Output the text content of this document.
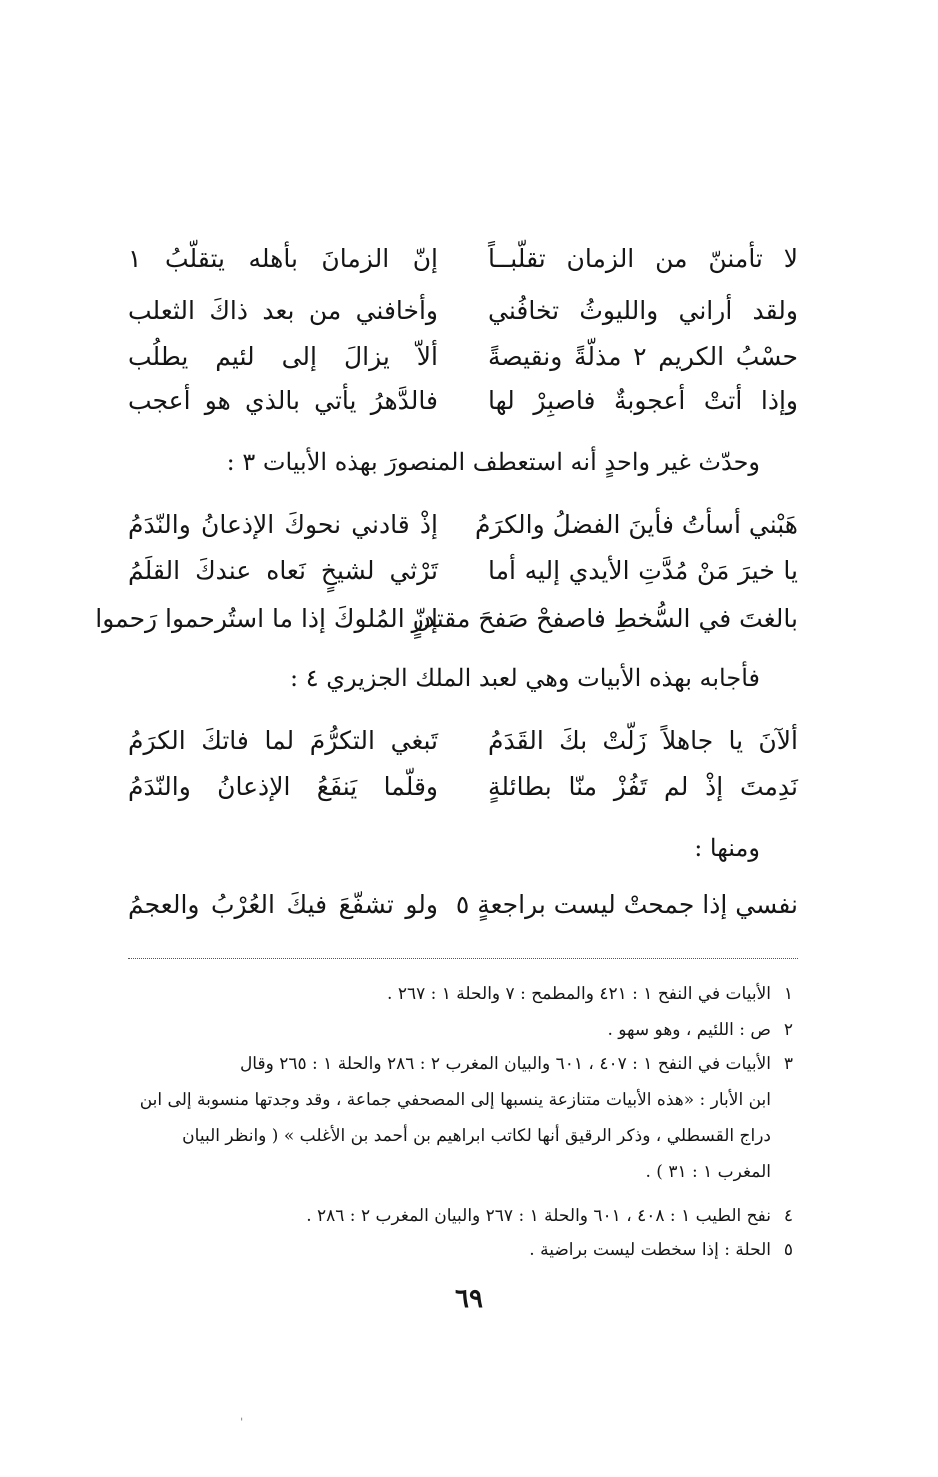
لا تأمننّ من الزمان تقلّبــاً
إنّ الزمانَ بأهله يتقلّبُ ١
ولقد أراني والليوثُ تخافُني
وأخافني من بعد ذاكَ الثعلب
حسْبُ الكريم ٢ مذلّةً ونقيصةً
ألاّ يزالَ إلى لئيم يطلُب
وإذا أتتْ أعجوبةٌ فاصبِرْ لها
فالدَّهرُ يأتي بالذي هو أعجب
وحدّث غير واحدٍ أنه استعطف المنصورَ بهذه الأبيات ٣ :
هَبْني أسأتُ فأينَ الفضلُ والكرَمُ
إذْ قادني نحوكَ الإذعانُ والنّدَمُ
يا خيرَ مَنْ مُدَّتِ الأيدي إليه أما
تَرْثي لشيخٍ نَعاه عندكَ القلَمُ
بالغتَ في السُّخطِ فاصفحْ صَفحَ مقتدرٍ
إنّ المُلوكَ إذا ما استُرحموا رَحموا
فأجابه بهذه الأبيات وهي لعبد الملك الجزيري ٤ :
ألآنَ يا جاهلاً زَلّتْ بكَ القَدَمُ
تَبغي التكرُّمَ لما فاتكَ الكرَمُ
نَدِمتَ إذْ لم تَفُزْ منّا بطائلةٍ
وقلّما يَنفَعُ الإذعانُ والنّدَمُ
ومنها :
نفسي إذا جمحتْ ليست براجعةٍ ٥
ولو تشفّعَ فيكَ العُرْبُ والعجمُ
١الأبيات في النفح ١ : ٤٢١ والمطمح : ٧ والحلة ١ : ٢٦٧ .
٢ص : اللئيم ، وهو سهو .
٣الأبيات في النفح ١ : ٤٠٧ ، ٦٠١ والبيان المغرب ٢ : ٢٨٦ والحلة ١ : ٢٦٥ وقال
ابن الأبار : «هذه الأبيات متنازعة ينسبها إلى المصحفي جماعة ، وقد وجدتها منسوبة إلى ابن
دراج القسطلي ، وذكر الرقيق أنها لكاتب ابراهيم بن أحمد بن الأغلب » ( وانظر البيان
المغرب ١ : ٣١ ) .
٤نفح الطيب ١ : ٤٠٨ ، ٦٠١ والحلة ١ : ٢٦٧ والبيان المغرب ٢ : ٢٨٦ .
٥الحلة : إذا سخطت ليست براضية .
٦٩
ˌ
